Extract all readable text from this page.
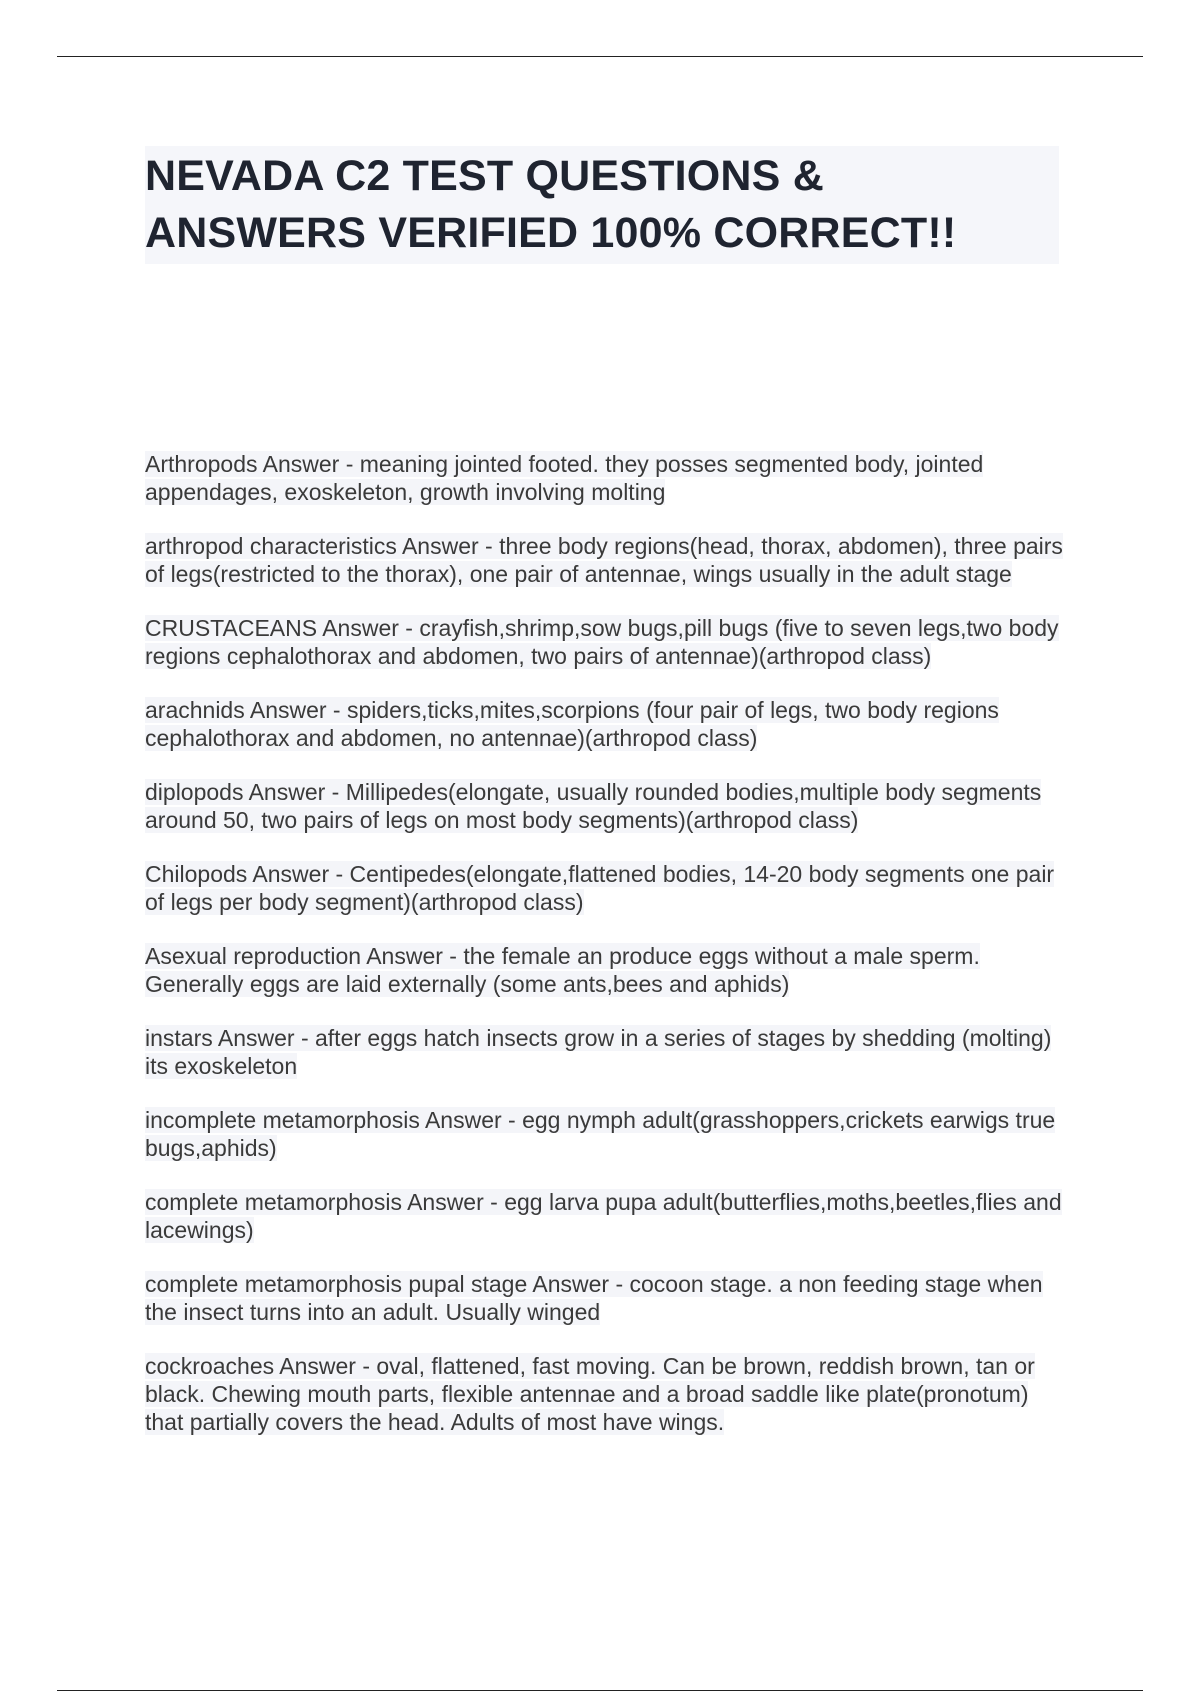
NEVADA C2 TEST QUESTIONS & ANSWERS VERIFIED 100% CORRECT!!
Arthropods Answer - meaning jointed footed. they posses segmented body, jointed appendages, exoskeleton, growth involving molting
arthropod characteristics Answer - three body regions(head, thorax, abdomen), three pairs of legs(restricted to the thorax), one pair of antennae, wings usually in the adult stage
CRUSTACEANS Answer - crayfish,shrimp,sow bugs,pill bugs (five to seven legs,two body regions cephalothorax and abdomen, two pairs of antennae)(arthropod class)
arachnids Answer - spiders,ticks,mites,scorpions (four pair of legs, two body regions cephalothorax and abdomen, no antennae)(arthropod class)
diplopods Answer - Millipedes(elongate, usually rounded bodies,multiple body segments around 50, two pairs of legs on most body segments)(arthropod class)
Chilopods Answer - Centipedes(elongate,flattened bodies, 14-20 body segments one pair of legs per body segment)(arthropod class)
Asexual reproduction Answer - the female an produce eggs without a male sperm. Generally eggs are laid externally (some ants,bees and aphids)
instars Answer - after eggs hatch insects grow in a series of stages by shedding (molting) its exoskeleton
incomplete metamorphosis Answer - egg nymph adult(grasshoppers,crickets earwigs true bugs,aphids)
complete metamorphosis Answer - egg larva pupa adult(butterflies,moths,beetles,flies and lacewings)
complete metamorphosis pupal stage Answer - cocoon stage. a non feeding stage when the insect turns into an adult. Usually winged
cockroaches Answer - oval, flattened, fast moving. Can be brown, reddish brown, tan or black. Chewing mouth parts, flexible antennae and a broad saddle like plate(pronotum) that partially covers the head. Adults of most have wings.
